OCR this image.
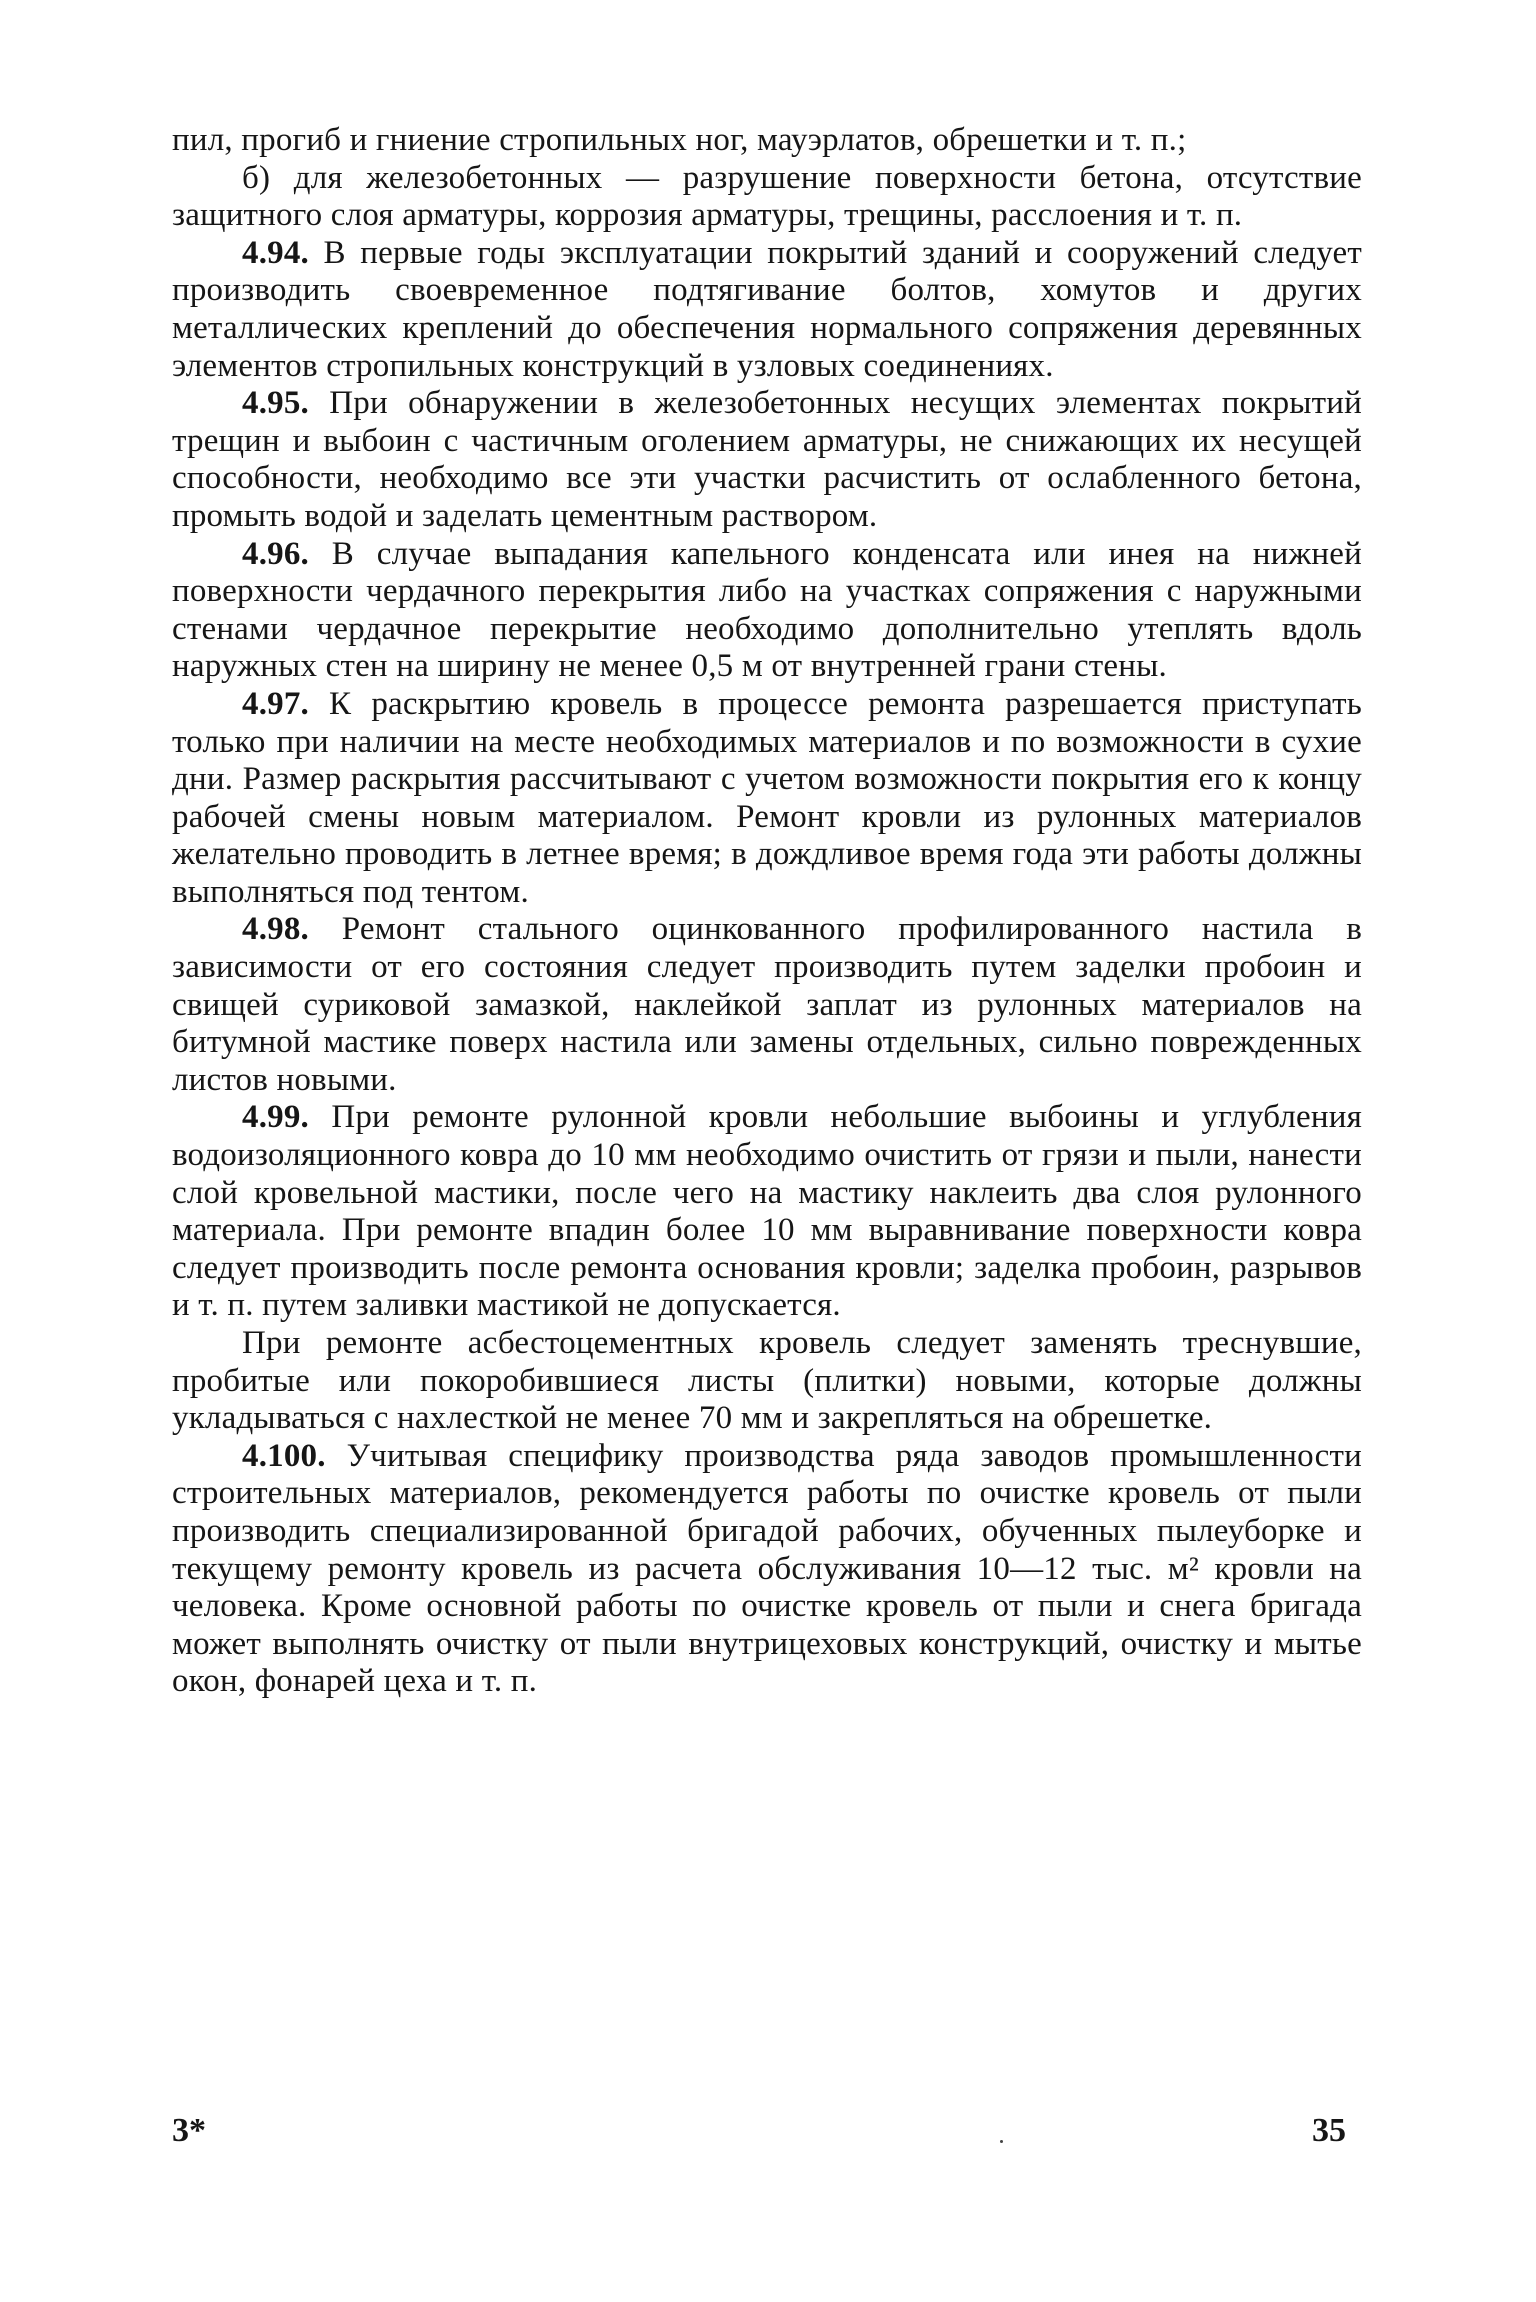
пил, прогиб и гниение стропильных ног, мауэрлатов, обрешетки и т. п.;

б) для железобетонных — разрушение поверхности бетона, отсутствие защитного слоя арматуры, коррозия арматуры, трещины, расслоения и т. п.

4.94. В первые годы эксплуатации покрытий зданий и сооружений следует производить своевременное подтягивание болтов, хомутов и других металлических креплений до обеспечения нормального сопряжения деревянных элементов стропильных конструкций в узловых соединениях.

4.95. При обнаружении в железобетонных несущих элементах покрытий трещин и выбоин с частичным оголением арматуры, не снижающих их несущей способности, необходимо все эти участки расчистить от ослабленного бетона, промыть водой и заделать цементным раствором.

4.96. В случае выпадания капельного конденсата или инея на нижней поверхности чердачного перекрытия либо на участках сопряжения с наружными стенами чердачное перекрытие необходимо дополнительно утеплять вдоль наружных стен на ширину не менее 0,5 м от внутренней грани стены.

4.97. К раскрытию кровель в процессе ремонта разрешается приступать только при наличии на месте необходимых материалов и по возможности в сухие дни. Размер раскрытия рассчитывают с учетом возможности покрытия его к концу рабочей смены новым материалом. Ремонт кровли из рулонных материалов желательно проводить в летнее время; в дождливое время года эти работы должны выполняться под тентом.

4.98. Ремонт стального оцинкованного профилированного настила в зависимости от его состояния следует производить путем заделки пробоин и свищей суриковой замазкой, наклейкой заплат из рулонных материалов на битумной мастике поверх настила или замены отдельных, сильно поврежденных листов новыми.

4.99. При ремонте рулонной кровли небольшие выбоины и углубления водоизоляционного ковра до 10 мм необходимо очистить от грязи и пыли, нанести слой кровельной мастики, после чего на мастику наклеить два слоя рулонного материала. При ремонте впадин более 10 мм выравнивание поверхности ковра следует производить после ремонта основания кровли; заделка пробоин, разрывов и т. п. путем заливки мастикой не допускается.

При ремонте асбестоцементных кровель следует заменять треснувшие, пробитые или покоробившиеся листы (плитки) новыми, которые должны укладываться с нахлесткой не менее 70 мм и закрепляться на обрешетке.

4.100. Учитывая специфику производства ряда заводов промышленности строительных материалов, рекомендуется работы по очистке кровель от пыли производить специализированной бригадой рабочих, обученных пылеуборке и текущему ремонту кровель из расчета обслуживания 10—12 тыс. м² кровли на человека. Кроме основной работы по очистке кровель от пыли и снега бригада может выполнять очистку от пыли внутрицеховых конструкций, очистку и мытье окон, фонарей цеха и т. п.

3*	35
